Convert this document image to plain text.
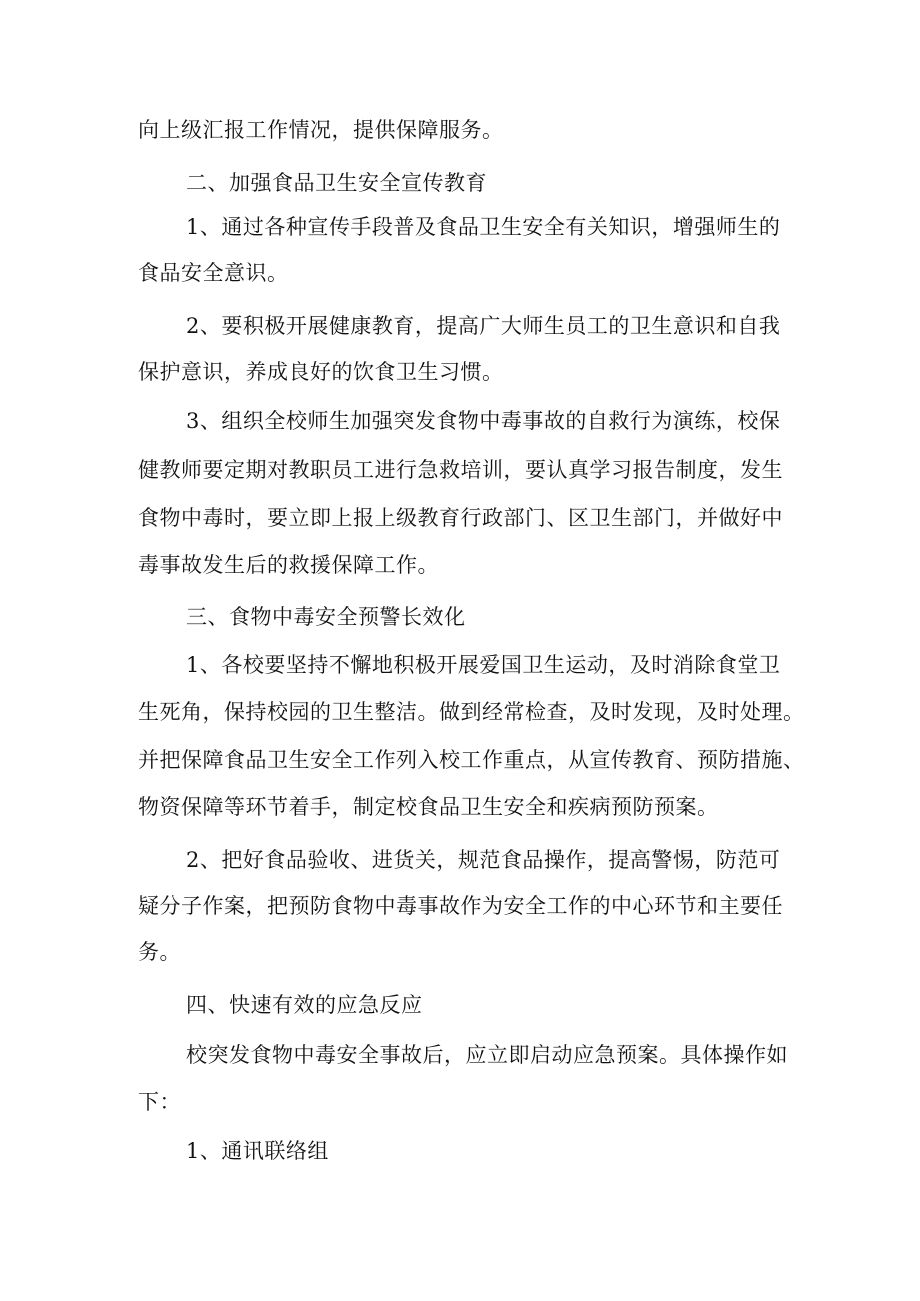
向上级汇报工作情况，提供保障服务。
二、加强食品卫生安全宣传教育
1、通过各种宣传手段普及食品卫生安全有关知识，增强师生的
食品安全意识。
2、要积极开展健康教育，提高广大师生员工的卫生意识和自我
保护意识，养成良好的饮食卫生习惯。
3、组织全校师生加强突发食物中毒事故的自救行为演练，校保
健教师要定期对教职员工进行急救培训，要认真学习报告制度，发生
食物中毒时，要立即上报上级教育行政部门、区卫生部门，并做好中
毒事故发生后的救援保障工作。
三、食物中毒安全预警长效化
1、各校要坚持不懈地积极开展爱国卫生运动，及时消除食堂卫
生死角，保持校园的卫生整洁。做到经常检查，及时发现，及时处理。
并把保障食品卫生安全工作列入校工作重点，从宣传教育、预防措施、
物资保障等环节着手，制定校食品卫生安全和疾病预防预案。
2、把好食品验收、进货关，规范食品操作，提高警惕，防范可
疑分子作案，把预防食物中毒事故作为安全工作的中心环节和主要任
务。
四、快速有效的应急反应
校突发食物中毒安全事故后，应立即启动应急预案。具体操作如
下：
1、通讯联络组
